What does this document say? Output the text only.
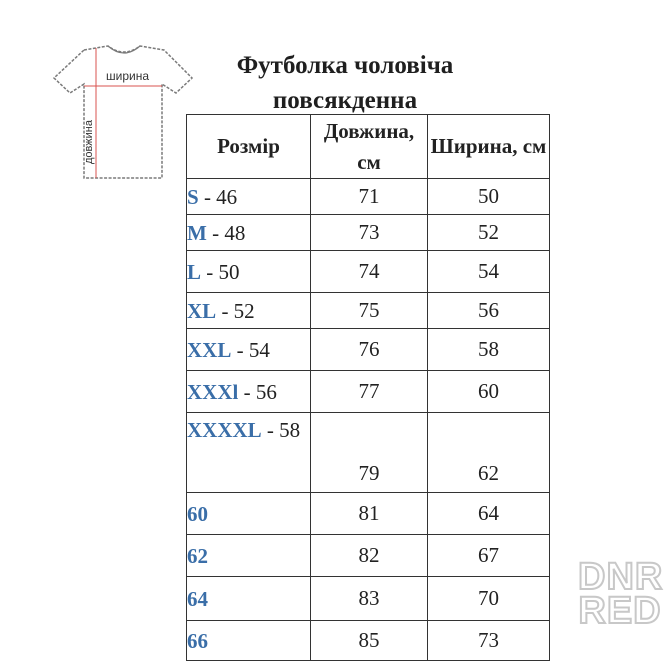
ширина
довжина
Футболка чоловіча
повсякденна
Розмір	Довжина, см	Ширина, см
S - 46	71	50
M - 48	73	52
L - 50	74	54
XL - 52	75	56
XXL - 54	76	58
XXXl - 56	77	60
XXXXL - 58	79	62
60	81	64
62	82	67
64	83	70
66	85	73
DNR
RED
